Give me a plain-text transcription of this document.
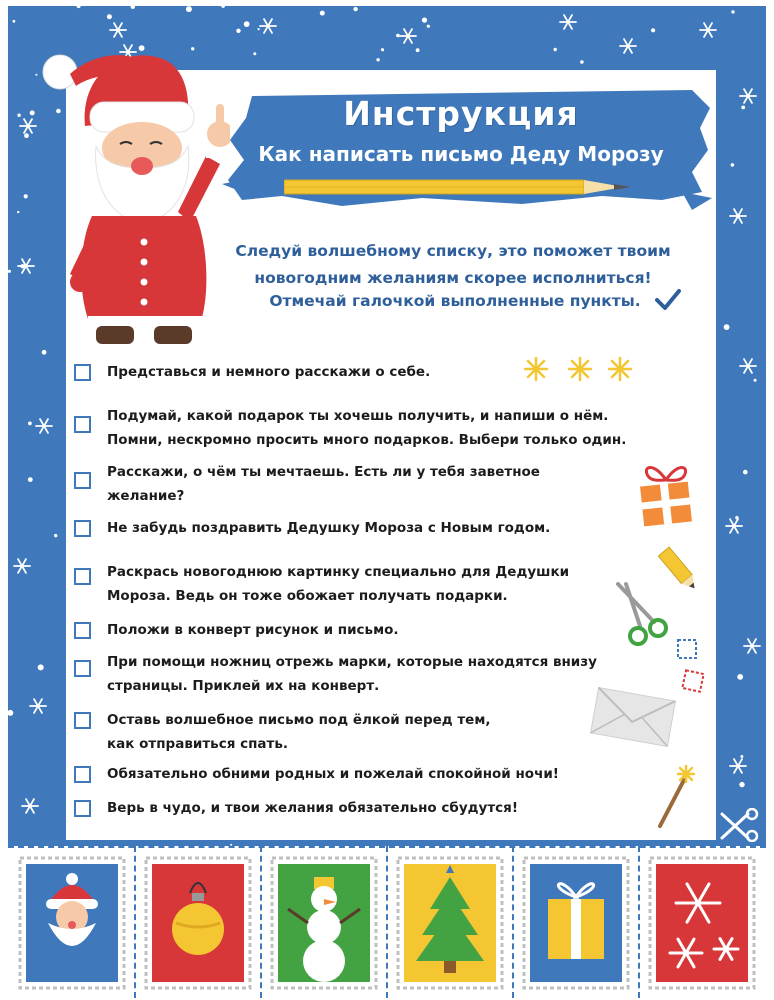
Инструкция
Как написать письмо Деду Морозу
Следуй волшебному списку, это поможет твоим
новогодним желаниям скорее исполниться!
Отмечай галочкой выполненные пункты.
Представься и немного расскажи о себе.
Подумай, какой подарок ты хочешь получить, и напиши о нём.
Помни, нескромно просить много подарков. Выбери только один.
Расскажи, о чём ты мечтаешь. Есть ли у тебя заветное
желание?
Не забудь поздравить Дедушку Мороза с Новым годом.
Раскрась новогоднюю картинку специально для Дедушки
Мороза. Ведь он тоже обожает получать подарки.
Положи в конверт рисунок и письмо.
При помощи ножниц отрежь марки, которые находятся внизу
страницы. Приклей их на конверт.
Оставь волшебное письмо под ёлкой перед тем,
как отправиться спать.
Обязательно обними родных и пожелай спокойной ночи!
Верь в чудо, и твои желания обязательно сбудутся!
